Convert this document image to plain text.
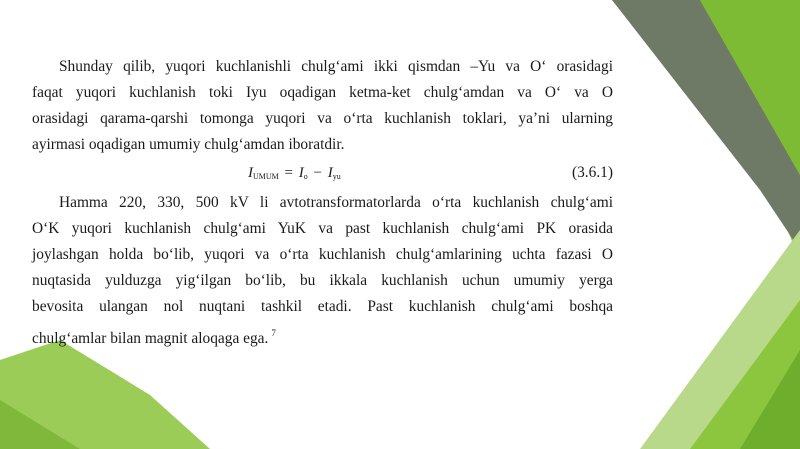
Shunday qilib, yuqori kuchlanishli chulg‘ami ikki qismdan –Yu va O‘ orasidagi
faqat yuqori kuchlanish toki Iyu oqadigan ketma-ket chulg‘amdan va O‘ va O
orasidagi qarama-qarshi tomonga yuqori va o‘rta kuchlanish toklari, ya’ni ularning
ayirmasi oqadigan umumiy chulg‘amdan iboratdir.
$I_{UMUM} = I_o - I_{yu}$	(3.6.1)
Hamma 220, 330, 500 kV li avtotransformatorlarda o‘rta kuchlanish chulg‘ami
O‘K yuqori kuchlanish chulg‘ami YuK va past kuchlanish chulg‘ami PK orasida
joylashgan holda bo‘lib, yuqori va o‘rta kuchlanish chulg‘amlarining uchta fazasi O
nuqtasida yulduzga yig‘ilgan bo‘lib, bu ikkala kuchlanish uchun umumiy yerga
bevosita ulangan nol nuqtani tashkil etadi. Past kuchlanish chulg‘ami boshqa
chulg‘amlar bilan magnit aloqaga ega. $^7$
